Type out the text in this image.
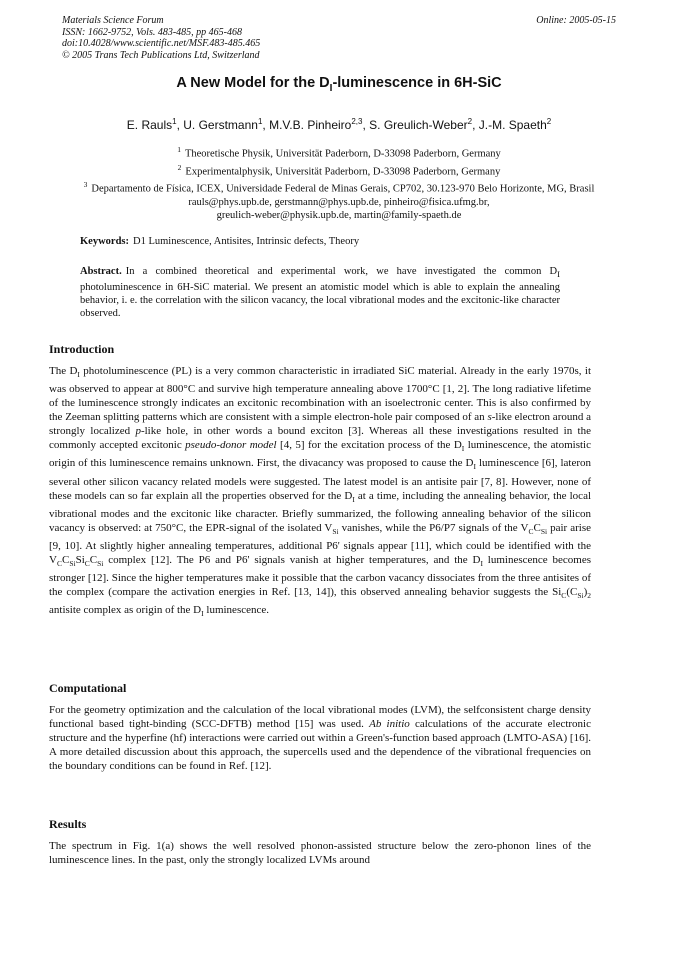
Materials Science Forum
ISSN: 1662-9752, Vols. 483-485, pp 465-468
doi:10.4028/www.scientific.net/MSF.483-485.465
© 2005 Trans Tech Publications Ltd, Switzerland
Online: 2005-05-15
A New Model for the $D_I$-luminescence in 6H-SiC
E. Rauls$^1$, U. Gerstmann$^1$, M.V.B. Pinheiro$^{2,3}$, S. Greulich-Weber$^2$, J.-M. Spaeth$^2$
$^1$ Theoretische Physik, Universität Paderborn, D-33098 Paderborn, Germany
$^2$ Experimentalphysik, Universität Paderborn, D-33098 Paderborn, Germany
$^3$ Departamento de Física, ICEX, Universidade Federal de Minas Gerais, CP702, 30.123-970 Belo Horizonte, MG, Brasil
rauls@phys.upb.de, gerstmann@phys.upb.de, pinheiro@fisica.ufmg.br,
greulich-weber@physik.upb.de, martin@family-spaeth.de
Keywords: D1 Luminescence, Antisites, Intrinsic defects, Theory
Abstract. In a combined theoretical and experimental work, we have investigated the common $D_I$ photoluminescence in 6H-SiC material. We present an atomistic model which is able to explain the annealing behavior, i. e. the correlation with the silicon vacancy, the local vibrational modes and the excitonic-like character observed.
Introduction
The $D_I$ photoluminescence (PL) is a very common characteristic in irradiated SiC material. Already in the early 1970s, it was observed to appear at 800°C and survive high temperature annealing above 1700°C [1, 2]. The long radiative lifetime of the luminescence strongly indicates an excitonic recombination with an isoelectronic center. This is also confirmed by the Zeeman splitting patterns which are consistent with a simple electron-hole pair composed of an s-like electron around a strongly localized p-like hole, in other words a bound exciton [3]. Whereas all these investigations resulted in the commonly accepted excitonic pseudo-donor model [4, 5] for the excitation process of the $D_I$ luminescence, the atomistic origin of this luminescence remains unknown. First, the divacancy was proposed to cause the $D_I$ luminescence [6], lateron several other silicon vacancy related models were suggested. The latest model is an antisite pair [7, 8]. However, none of these models can so far explain all the properties observed for the $D_I$ at a time, including the annealing behavior, the local vibrational modes and the excitonic like character. Briefly summarized, the following annealing behavior of the silicon vacancy is observed: at 750°C, the EPR-signal of the isolated $V_{Si}$ vanishes, while the P6/P7 signals of the $V_CC_{Si}$ pair arise [9, 10]. At slightly higher annealing temperatures, additional P6' signals appear [11], which could be identified with the $V_CC_{Si}Si_CC_{Si}$ complex [12]. The P6 and P6' signals vanish at higher temperatures, and the $D_I$ luminescence becomes stronger [12]. Since the higher temperatures make it possible that the carbon vacancy dissociates from the three antisites of the complex (compare the activation energies in Ref. [13, 14]), this observed annealing behavior suggests the $Si_C(C_{Si})_2$ antisite complex as origin of the $D_I$ luminescence.
Computational
For the geometry optimization and the calculation of the local vibrational modes (LVM), the selfconsistent charge density functional based tight-binding (SCC-DFTB) method [15] was used. Ab initio calculations of the accurate electronic structure and the hyperfine (hf) interactions were carried out within a Green's-function based approach (LMTO-ASA) [16]. A more detailed discussion about this approach, the supercells used and the dependence of the vibrational frequencies on the boundary conditions can be found in Ref. [12].
Results
The spectrum in Fig. 1(a) shows the well resolved phonon-assisted structure below the zero-phonon lines of the luminescence lines. In the past, only the strongly localized LVMs around
